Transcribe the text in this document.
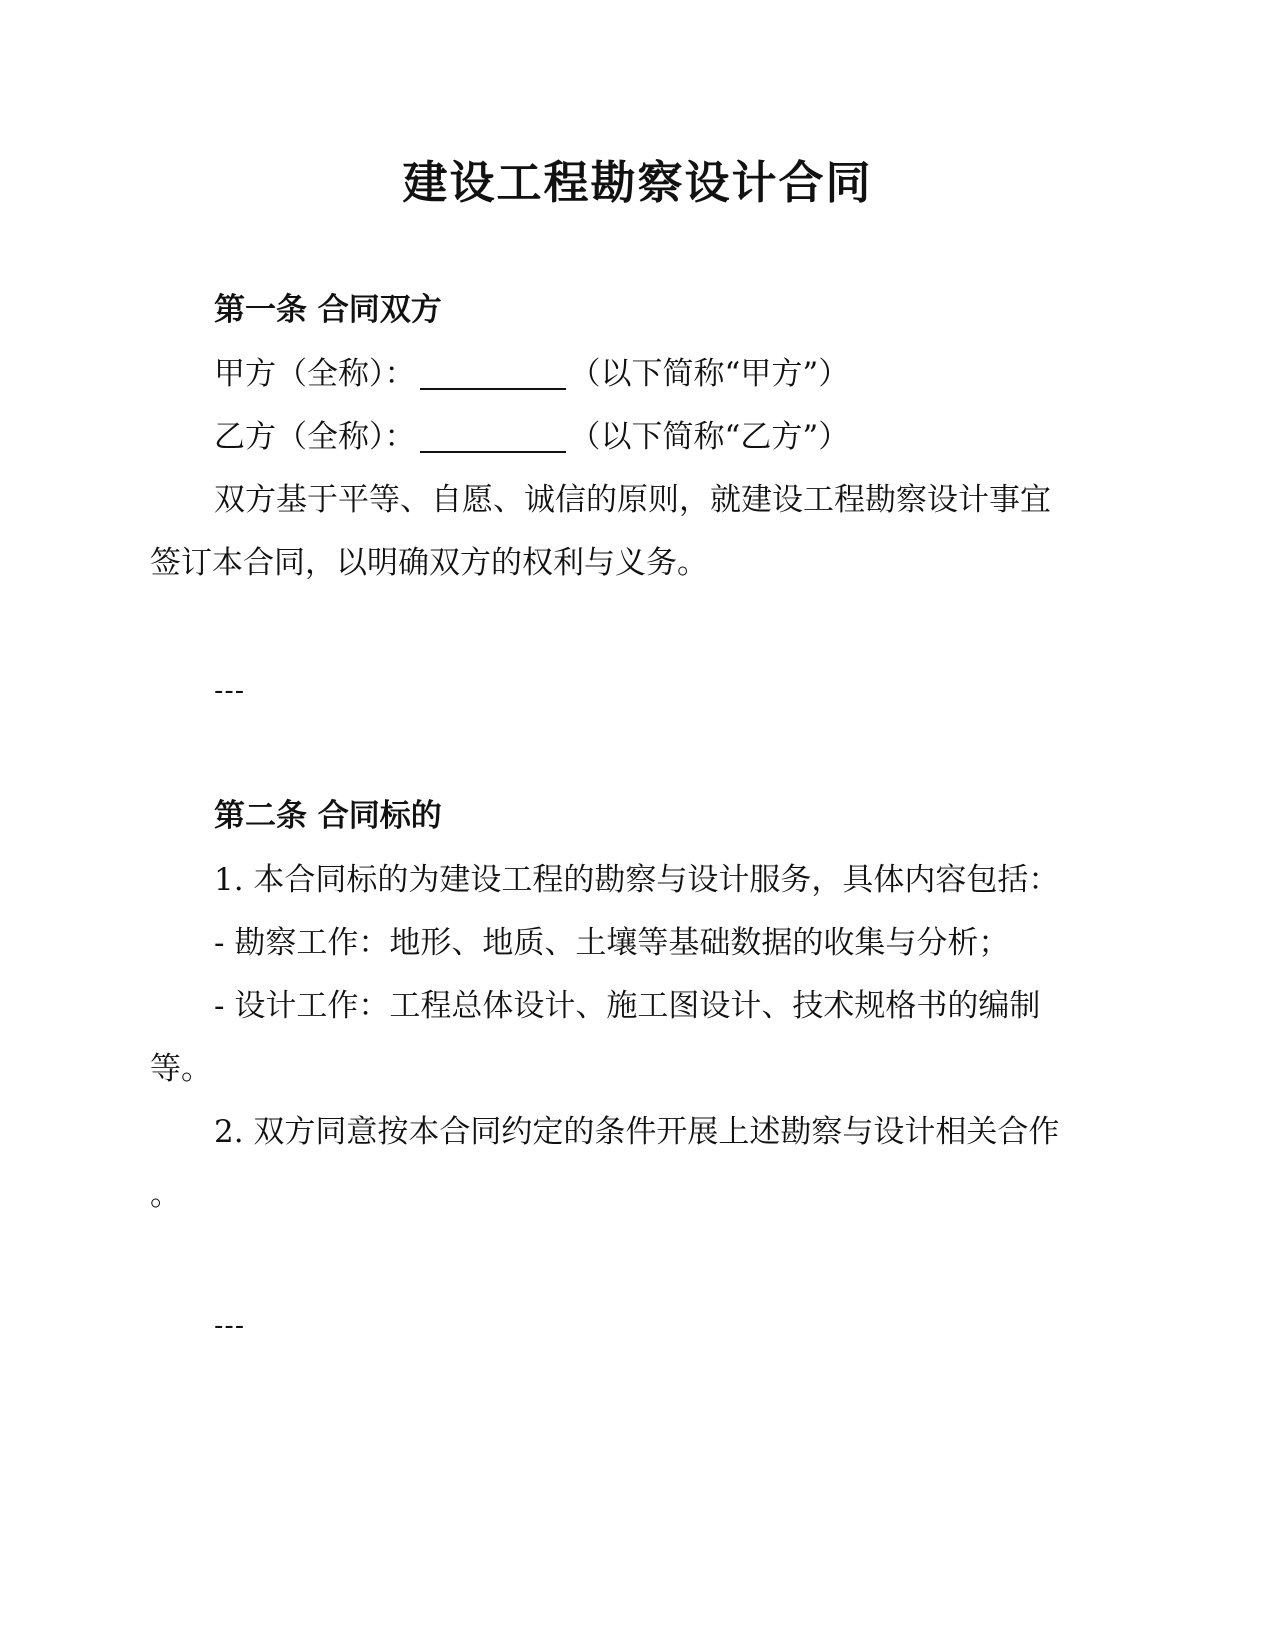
建设工程勘察设计合同
第一条 合同双方
甲方（全称）：	（以下简称“甲方”）
乙方（全称）：	（以下简称“乙方”）
双方基于平等、自愿、诚信的原则，就建设工程勘察设计事宜
签订本合同，以明确双方的权利与义务。
---
第二条 合同标的
1. 本合同标的为建设工程的勘察与设计服务，具体内容包括：
- 勘察工作：地形、地质、土壤等基础数据的收集与分析；
- 设计工作：工程总体设计、施工图设计、技术规格书的编制
等。
2. 双方同意按本合同约定的条件开展上述勘察与设计相关合作
。
---
